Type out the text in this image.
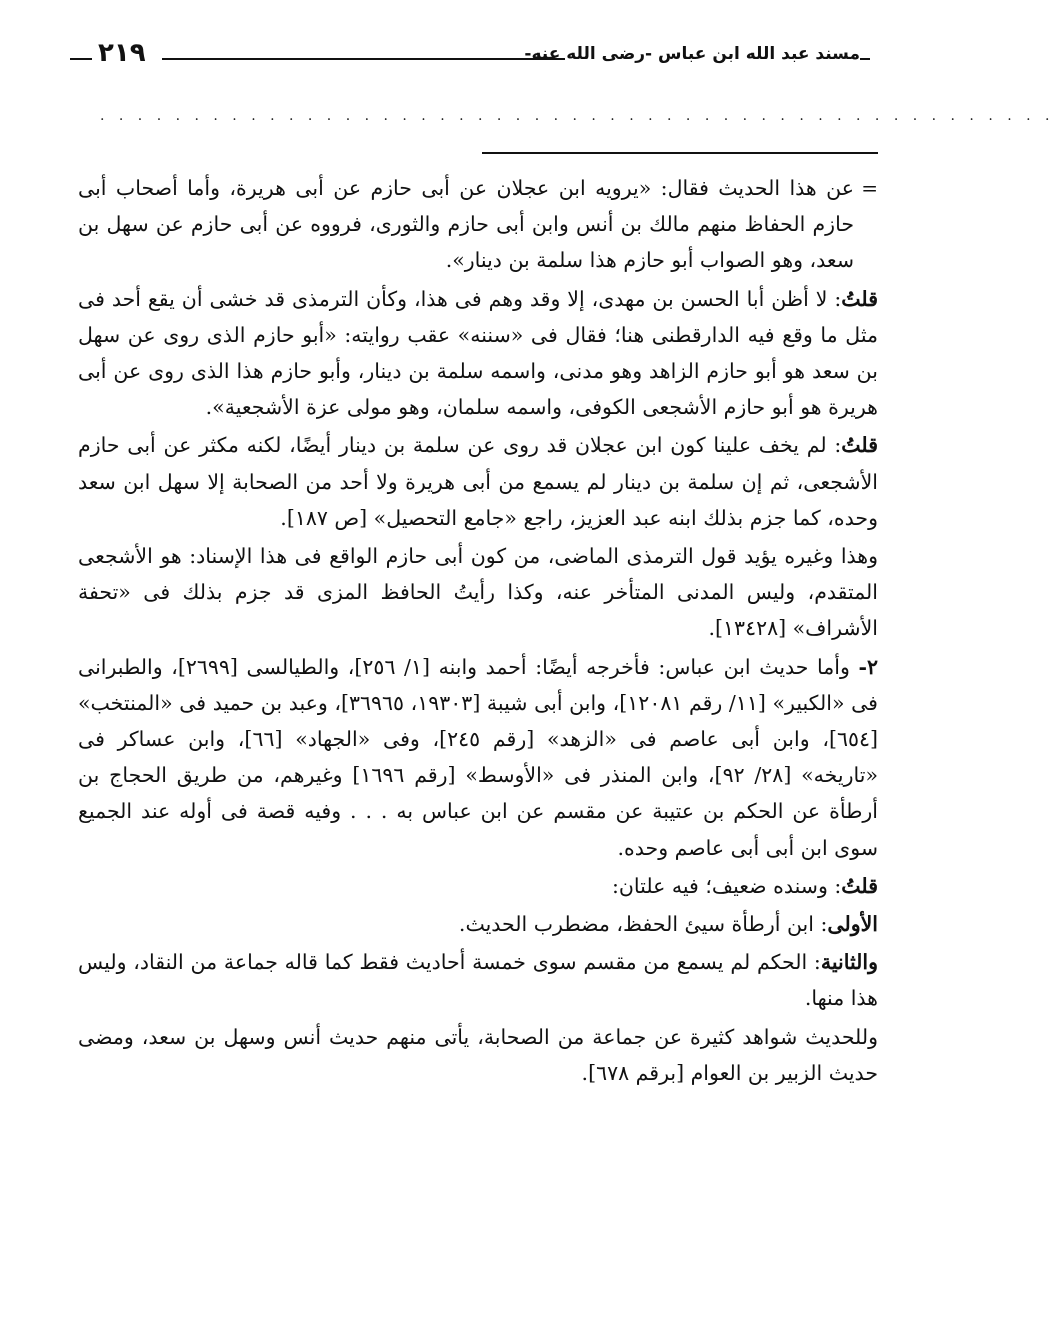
مسند عبد الله ابن عباس -رضى الله عنه-
٢١٩
. . . . . . . . . . . . . . . . . . . . . . . . . . . . . . . . . . . . . . . . . . . . . . . . . . .

=
عن هذا الحديث فقال: «يرويه ابن عجلان عن أبى حازم عن أبى هريرة، وأما أصحاب أبى حازم الحفاظ منهم مالك بن أنس وابن أبى حازم والثورى، فرووه عن أبى حازم عن سهل بن سعد، وهو الصواب أبو حازم هذا سلمة بن دينار».

قلتُ: لا أظن أبا الحسن بن مهدى، إلا وقد وهم فى هذا، وكأن الترمذى قد خشى أن يقع أحد فى مثل ما وقع فيه الدارقطنى هنا؛ فقال فى «سننه» عقب روايته: «أبو حازم الذى روى عن سهل بن سعد هو أبو حازم الزاهد وهو مدنى، واسمه سلمة بن دينار، وأبو حازم هذا الذى روى عن أبى هريرة هو أبو حازم الأشجعى الكوفى، واسمه سلمان، وهو مولى عزة الأشجعية».

قلتُ: لم يخف علينا كون ابن عجلان قد روى عن سلمة بن دينار أيضًا، لكنه مكثر عن أبى حازم الأشجعى، ثم إن سلمة بن دينار لم يسمع من أبى هريرة ولا أحد من الصحابة إلا سهل ابن سعد وحده، كما جزم بذلك ابنه عبد العزيز، راجع «جامع التحصيل» [ص ١٨٧].

وهذا وغيره يؤيد قول الترمذى الماضى، من كون أبى حازم الواقع فى هذا الإسناد: هو الأشجعى المتقدم، وليس المدنى المتأخر عنه، وكذا رأيتُ الحافظ المزى قد جزم بذلك فى «تحفة الأشراف» [١٣٤٢٨].

٢- وأما حديث ابن عباس: فأخرجه أيضًا: أحمد وابنه [١/ ٢٥٦]، والطيالسى [٢٦٩٩]، والطبرانى فى «الكبير» [١١/ رقم ١٢٠٨١]، وابن أبى شيبة [١٩٣٠٣، ٣٦٩٦٥]، وعبد بن حميد فى «المنتخب» [٦٥٤]، وابن أبى عاصم فى «الزهد» [رقم ٢٤٥]، وفى «الجهاد» [٦٦]، وابن عساكر فى «تاريخه» [٢٨/ ٩٢]، وابن المنذر فى «الأوسط» [رقم ١٦٩٦] وغيرهم، من طريق الحجاج بن أرطأة عن الحكم بن عتيبة عن مقسم عن ابن عباس به . . . وفيه قصة فى أوله عند الجميع سوى ابن أبى أبى عاصم وحده.

قلتُ: وسنده ضعيف؛ فيه علتان:

الأولى: ابن أرطأة سيئ الحفظ، مضطرب الحديث.

والثانية: الحكم لم يسمع من مقسم سوى خمسة أحاديث فقط كما قاله جماعة من النقاد، وليس هذا منها.

وللحديث شواهد كثيرة عن جماعة من الصحابة، يأتى منهم حديث أنس وسهل بن سعد، ومضى حديث الزبير بن العوام [برقم ٦٧٨].
